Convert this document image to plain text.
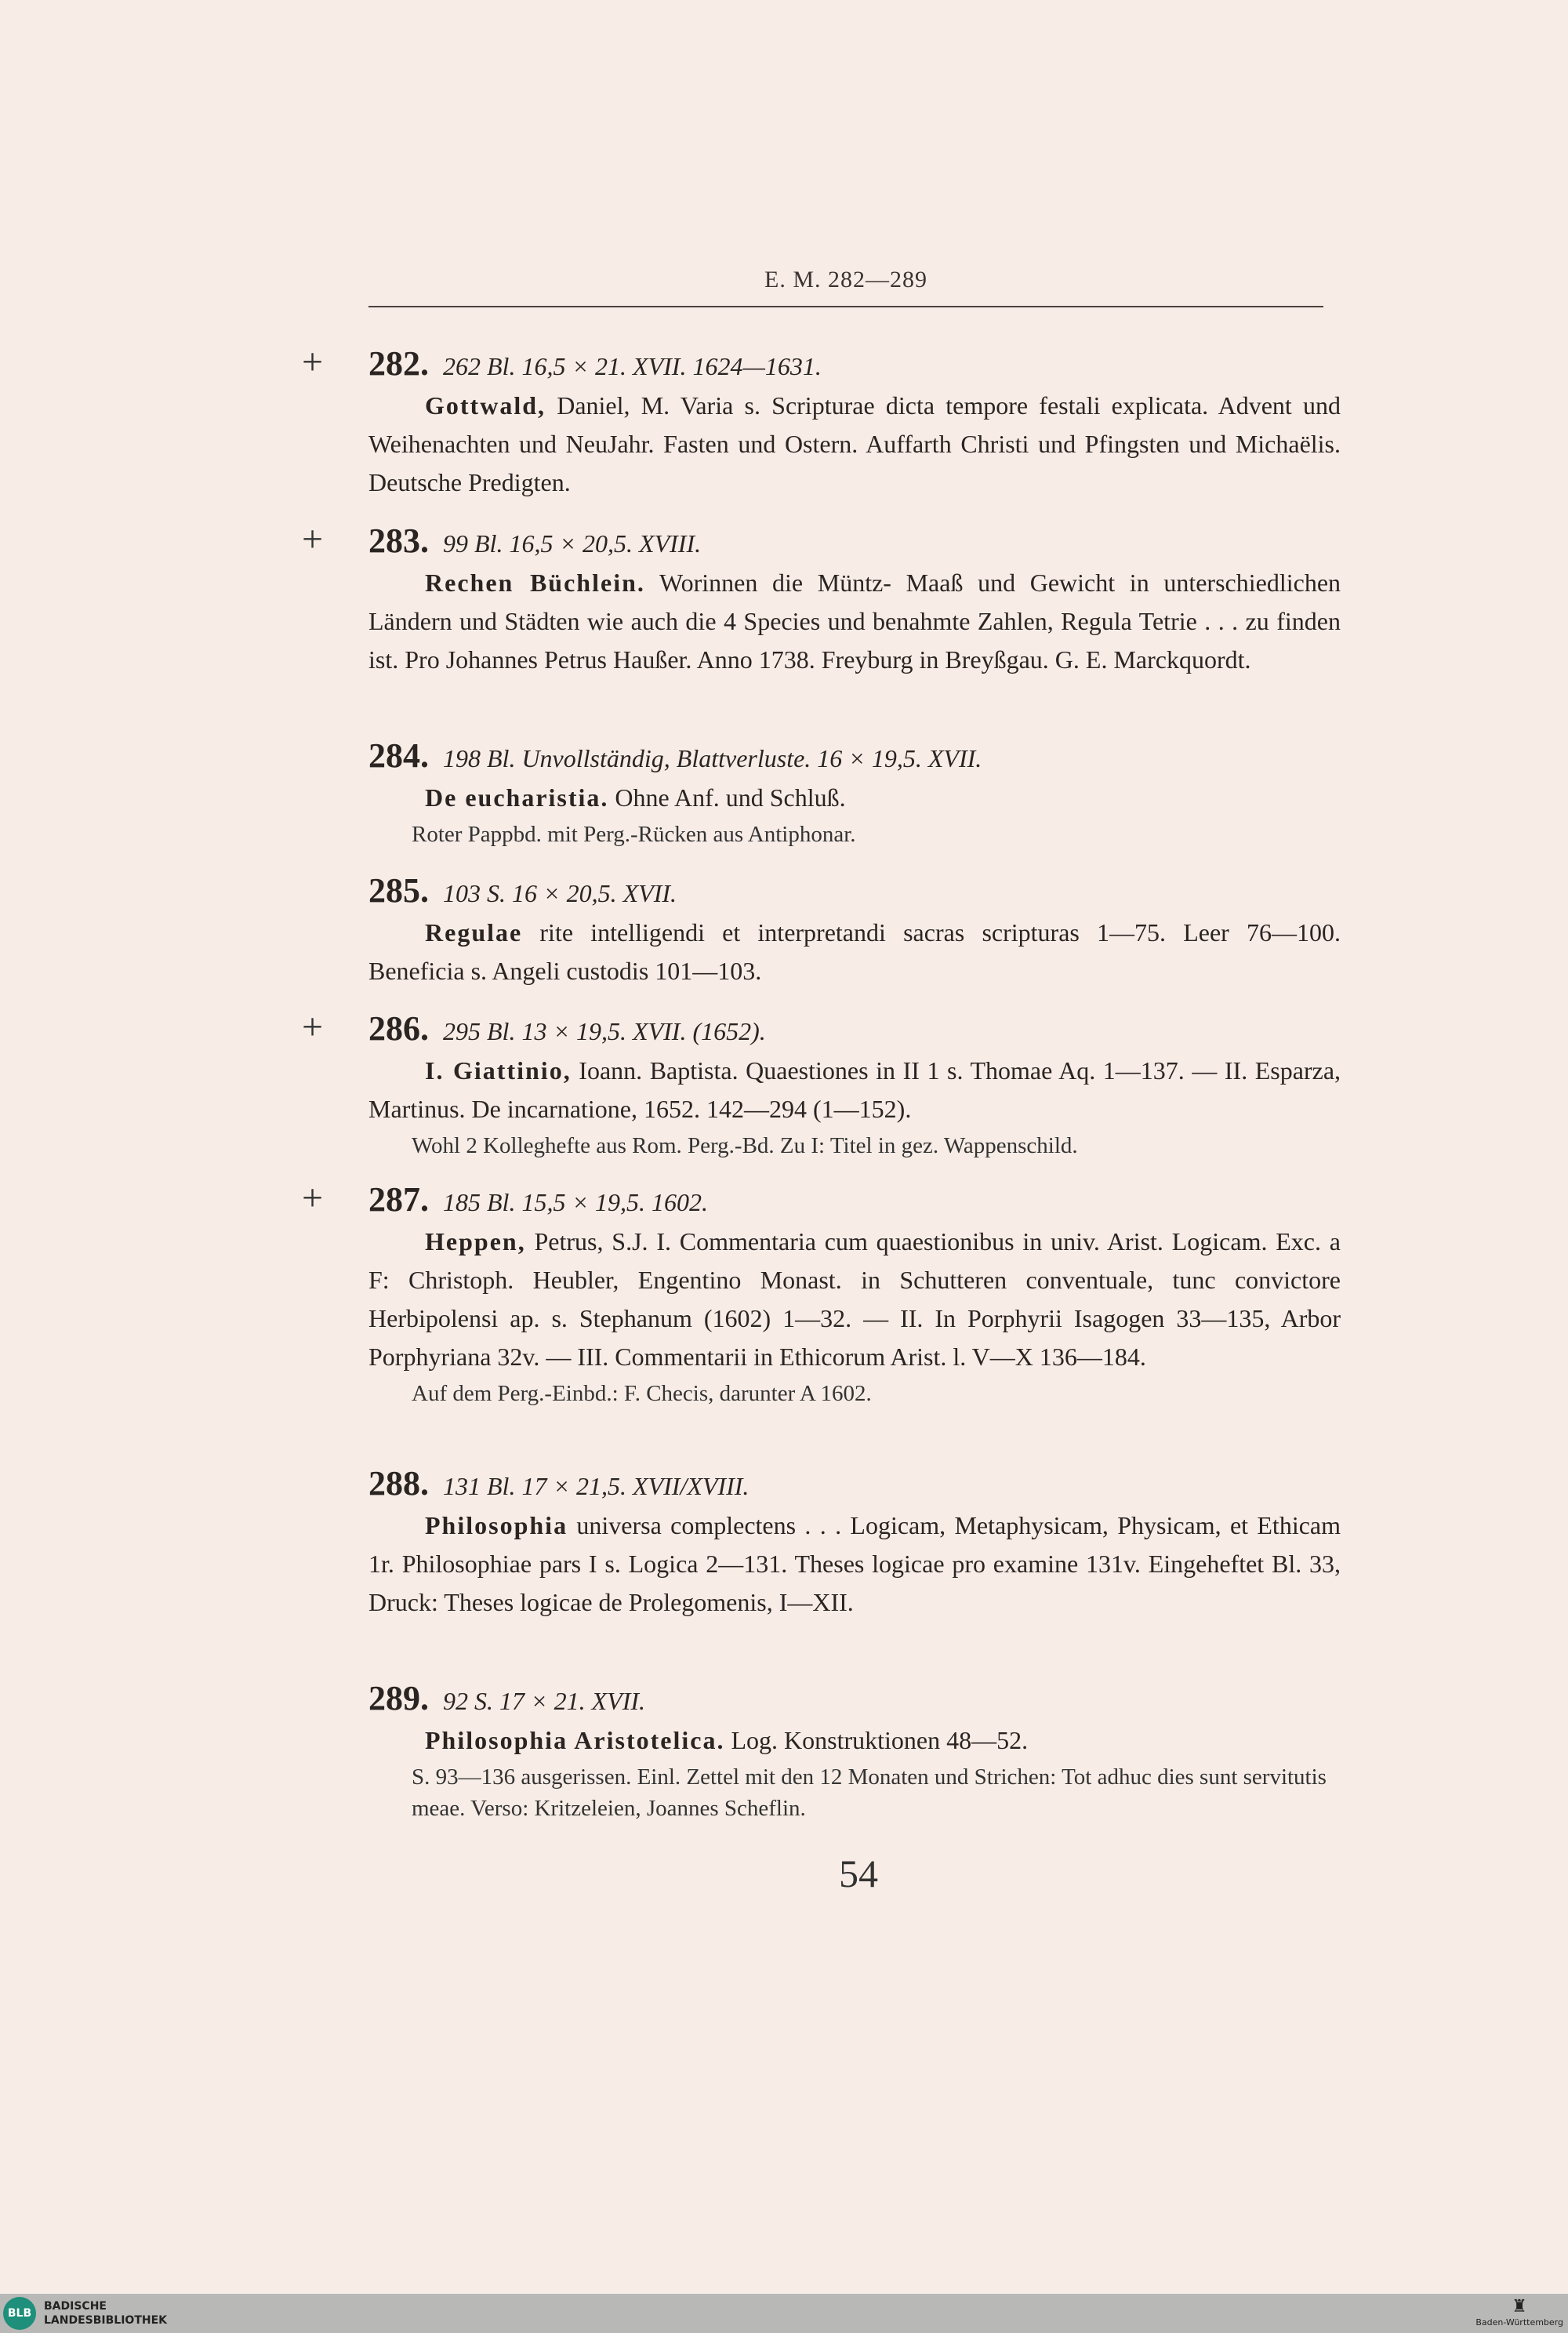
E. M. 282—289
+ 282. 262 Bl. 16,5 × 21. XVII. 1624—1631.
Gottwald, Daniel, M. Varia s. Scripturae dicta tempore festali explicata. Advent und Weihenachten und NeuJahr. Fasten und Ostern. Auffarth Christi und Pfingsten und Michaëlis. Deutsche Predigten.
+ 283. 99 Bl. 16,5 × 20,5. XVIII.
Rechen Büchlein. Worinnen die Müntz- Maaß und Gewicht in unterschiedlichen Ländern und Städten wie auch die 4 Species und benahmte Zahlen, Regula Tetrie . . . zu finden ist. Pro Johannes Petrus Haußer. Anno 1738. Freyburg in Breyßgau. G. E. Marckquordt.
284. 198 Bl. Unvollständig, Blattverluste. 16 × 19,5. XVII.
De eucharistia. Ohne Anf. und Schluß.
Roter Pappbd. mit Perg.-Rücken aus Antiphonar.
285. 103 S. 16 × 20,5. XVII.
Regulae rite intelligendi et interpretandi sacras scripturas 1—75. Leer 76—100. Beneficia s. Angeli custodis 101—103.
+ 286. 295 Bl. 13 × 19,5. XVII. (1652).
I. Giattinio, Ioann. Baptista. Quaestiones in II 1 s. Thomae Aq. 1—137. — II. Esparza, Martinus. De incarnatione, 1652. 142—294 (1—152).
Wohl 2 Kolleghefte aus Rom. Perg.-Bd. Zu I: Titel in gez. Wappenschild.
+ 287. 185 Bl. 15,5 × 19,5. 1602.
Heppen, Petrus, S.J. I. Commentaria cum quaestionibus in univ. Arist. Logicam. Exc. a F: Christoph. Heubler, Engentino Monast. in Schutteren conventuale, tunc convictore Herbipolensi ap. s. Stephanum (1602) 1—32. — II. In Porphyrii Isagogen 33—135, Arbor Porphyriana 32v. — III. Commentarii in Ethicorum Arist. l. V—X 136—184.
Auf dem Perg.-Einbd.: F. Checis, darunter A 1602.
288. 131 Bl. 17 × 21,5. XVII/XVIII.
Philosophia universa complectens . . . Logicam, Metaphysicam, Physicam, et Ethicam 1r. Philosophiae pars I s. Logica 2—131. Theses logicae pro examine 131v. Eingeheftet Bl. 33, Druck: Theses logicae de Prolegomenis, I—XII.
289. 92 S. 17 × 21. XVII.
Philosophia Aristotelica. Log. Konstruktionen 48—52.
S. 93—136 ausgerissen. Einl. Zettel mit den 12 Monaten und Strichen: Tot adhuc dies sunt servitutis meae. Verso: Kritzeleien, Joannes Scheflin.
54
BLB
BADISCHE
LANDESBIBLIOTHEK
♜
Baden-Württemberg
